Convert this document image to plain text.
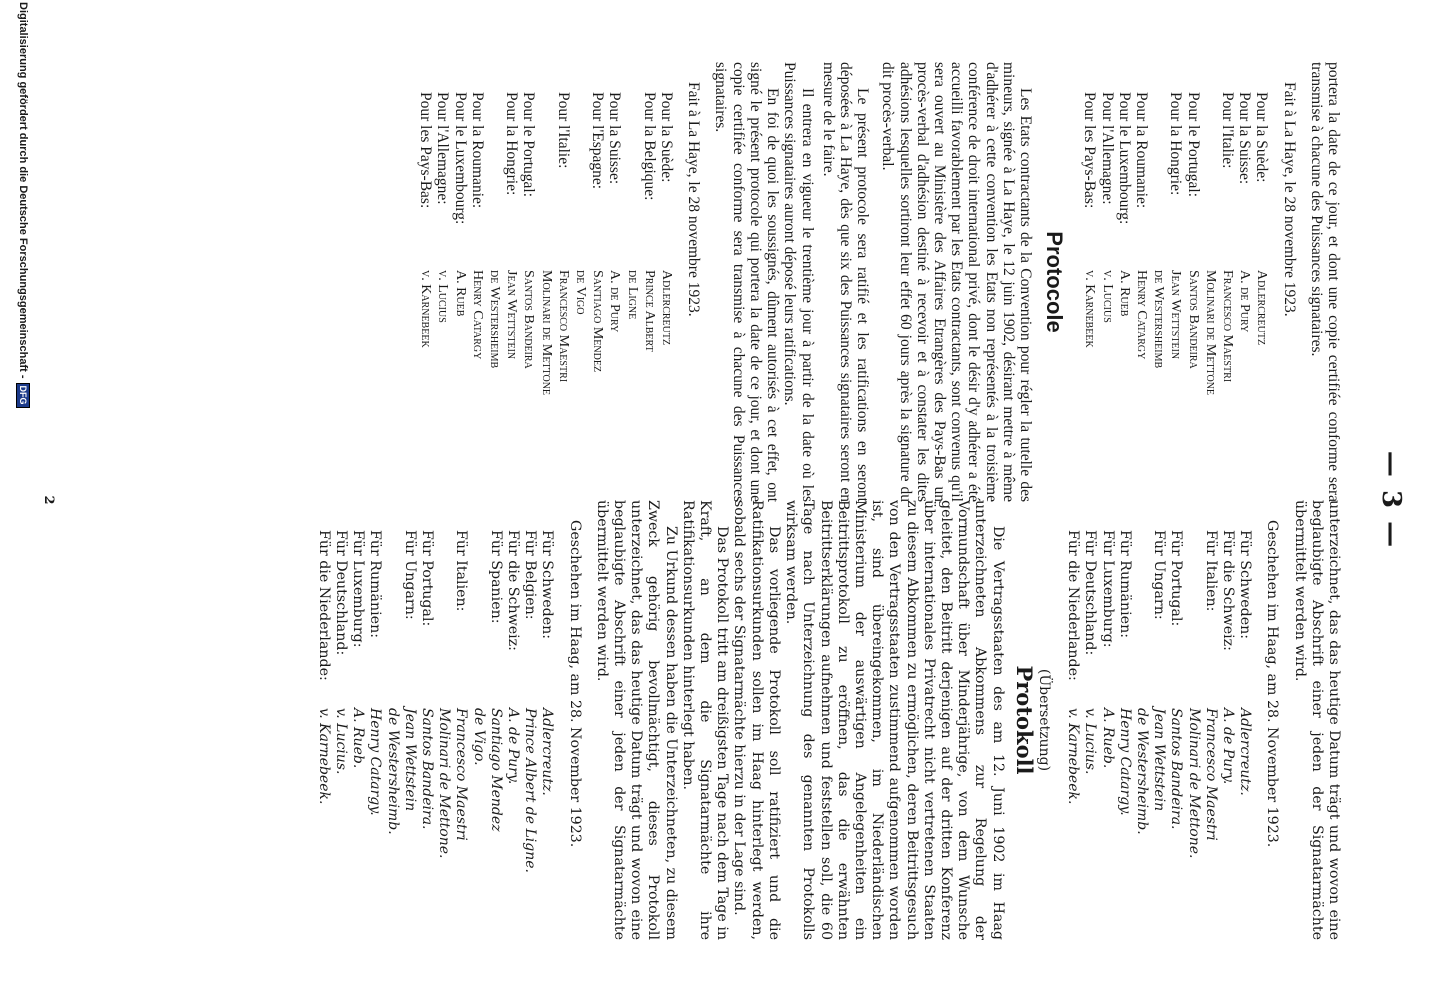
— 3 —

portera la date de ce jour, et dont une copie certifiée conforme sera transmise à chacune des Puissances signataires.

Fait à La Haye, le 28 novembre 1923.

Pour la Suède:	Adlercreutz
Pour la Suisse:	A. de Pury
Pour l'Italie:	Francesco Maestri
	Molinari de Mettone
Pour le Portugal:	Santos Bandeira
Pour la Hongrie:	Jean Wettstein
	de Westersheimb
Pour la Roumanie:	Henry Catargy
Pour le Luxembourg:	A. Rueb
Pour l'Allemagne:	v. Lucius
Pour les Pays-Bas:	v. Karnebeek
Protocole

Les Etats contractants de la Convention pour régler la tutelle des mineurs, signée à La Haye, le 12 juin 1902, désirant mettre à même d'adhérer à cette convention les Etats non représentés à la troisième conférence de droit international privé, dont le désir d'y adhérer a été accueilli favorablement par les Etats contractants, sont convenus qu'il sera ouvert au Ministère des Affaires Etrangères des Pays-Bas un procès-verbal d'adhésion destiné à recevoir et à constater les dites adhésions lesquelles sortiront leur effet 60 jours après la signature du dit procès-verbal.

Le présent protocole sera ratifié et les ratifications en seront déposées à La Haye, dès que six des Puissances signataires seront en mesure de le faire.

Il entrera en vigueur le trentième jour à partir de la date où les Puissances signataires auront déposé leurs ratifications.

En foi de quoi les soussignés, dûment autorisés à cet effet, ont signé le présent protocole qui portera la date de ce jour, et dont une copie certifiée conforme sera transmise à chacune des Puissances signataires.

Fait à La Haye, le 28 novembre 1923.

Pour la Suède:	Adlercreutz
Pour la Belgique:	Prince Albert
	de Ligne
Pour la Suisse:	A. de Pury
Pour l'Espagne:	Santiago Mendez
	de Vigo
Pour l'Italie:	Francesco Maestri
	Molinari de Mettone
Pour le Portugal:	Santos Bandeira
Pour la Hongrie:	Jean Wettstein
	de Westersheimb
Pour la Roumanie:	Henry Catargy
Pour le Luxembourg:	A. Rueb
Pour l'Allemagne:	v. Lucius
Pour les Pays-Bas:	v. Karnebeek

unterzeichnet, das das heutige Datum trägt und wovon eine beglaubigte Abschrift einer jeden der Signatarmächte übermittelt werden wird.

Geschehen im Haag, am 28. November 1923.

Für Schweden:	Adlercreutz.
Für die Schweiz:	A. de Pury.
Für Italien:	Francesco Maestri
	Molinari de Mettone.
Für Portugal:	Santos Bandeira.
Für Ungarn:	Jean Wettstein
	de Westersheimb.
Für Rumänien:	Henry Catargy.
Für Luxemburg:	A. Rueb.
Für Deutschland:	v. Lucius.
Für die Niederlande:	v. Karnebeek.
(Übersetzung)
Protokoll

Die Vertragsstaaten des am 12. Juni 1902 im Haag unterzeichneten Abkommens zur Regelung der Vormundschaft über Minderjährige, von dem Wunsche geleitet, den Beitritt derjenigen auf der dritten Konferenz über internationales Privatrecht nicht vertretenen Staaten zu diesem Abkommen zu ermöglichen, deren Beitrittsgesuch von den Vertragsstaaten zustimmend aufgenommen worden ist, sind übereingekommen, im Niederländischen Ministerium der auswärtigen Angelegenheiten ein Beitrittsprotokoll zu eröffnen, das die erwähnten Beitrittserklärungen aufnehmen und feststellen soll, die 60 Tage nach Unterzeichnung des genannten Protokolls wirksam werden.

Das vorliegende Protokoll soll ratifiziert und die Ratifikationsurkunden sollen im Haag hinterlegt werden, sobald sechs der Signatarmächte hierzu in der Lage sind.

Das Protokoll tritt am dreißigsten Tage nach dem Tage in Kraft, an dem die Signatarmächte ihre Ratifikationsurkunden hinterlegt haben.

Zu Urkund dessen haben die Unterzeichneten, zu diesem Zweck gehörig bevollmächtigt, dieses Protokoll unterzeichnet, das das heutige Datum trägt und wovon eine beglaubigte Abschrift einer jeden der Signatarmächte übermittelt werden wird.

Geschehen im Haag, am 28. November 1923.

Für Schweden:	Adlercreutz.
Für Belgien:	Prince Albert de Ligne.
Für die Schweiz:	A. de Pury.
Für Spanien:	Santiago Mendez
	de Vigo.
Für Italien:	Francesco Maestri
	Molinari de Mettone.
Für Portugal:	Santos Bandeira.
Für Ungarn:	Jean Wettstein
	de Westersheimb.
Für Rumänien:	Henry Catargy.
Für Luxemburg:	A. Rueb.
Für Deutschland:	v. Lucius.
Für die Niederlande:	v. Karnebeek.
2
Digitalisierung gefördert durch die Deutsche Forschungsgemeinschaft -
DFG
